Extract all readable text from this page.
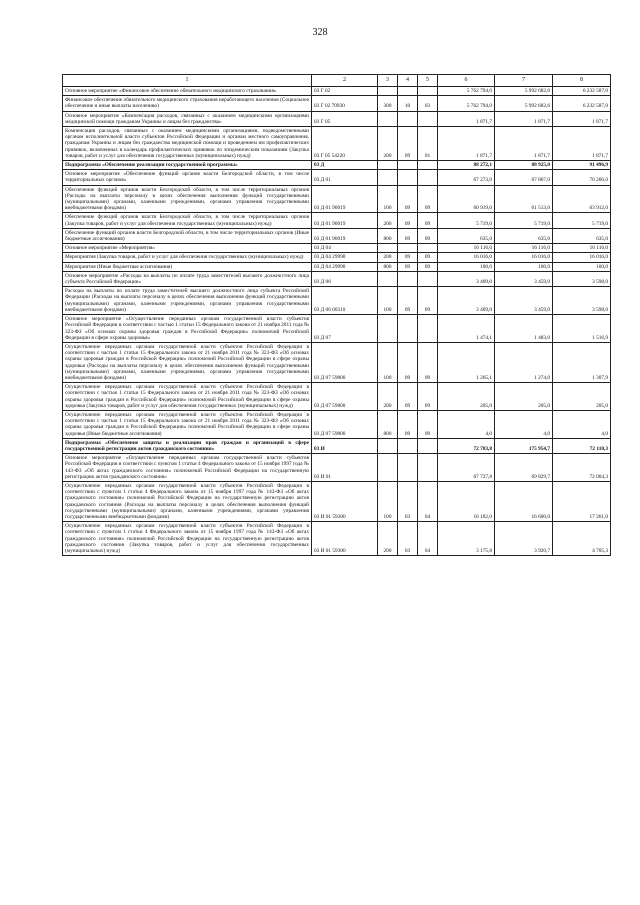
328
1	2	3	4	5	6	7	8
Основное мероприятие «Финансовое обеспечение обязательного медицинского страхования»	03 Г 02				5 762 794,0	5 992 682,6	6 232 587,0
Финансовое обеспечение обязательного медицинского страхования неработающего населения (Социальное обеспечение и иные выплаты населению)	03 Г 02 70930	300	10	03	5 762 794,0	5 992 682,6	6 232 587,0
Основное мероприятие «Компенсация расходов, связанных с оказанием медицинскими организациями медицинской помощи гражданам Украины и лицам без гражданства»	03 Г 05				1 871,7	1 871,7	1 871,7
Компенсация расходов, связанных с оказанием медицинскими организациями, подведомственными органам исполнительной власти субъектов Российской Федерации и органам местного самоуправления, гражданам Украины и лицам без гражданства медицинской помощи и проведением им профилактических прививок, включенных в календарь профилактических прививок по эпидемическим показаниям (Закупка товаров, работ и услуг для обеспечения государственных (муниципальных) нужд)	03 Г 05 54220	200	09	01	1 871,7	1 871,7	1 871,7
Подпрограмма «Обеспечение реализации государственной программы»	03 Д				88 272,1	88 925,0	91 496,9
Основное мероприятие «Обеспечение функций органов власти Белгородской области, в том числе территориальных органов»	03 Д 01				67 273,0	67 867,0	70 266,0
Обеспечение функций органов власти Белгородской области, в том числе территориальных органов (Расходы на выплаты персоналу в целях обеспечения выполнения функций государственными (муниципальными) органами, казенными учреждениями, органами управления государственными внебюджетными фондами)	03 Д 01 90019	100	09	09	60 919,0	61 513,0	63 912,0
Обеспечение функций органов власти Белгородской области, в том числе территориальных органов (Закупка товаров, работ и услуг для обеспечения государственных (муниципальных) нужд)	03 Д 01 90019	200	09	09	5 719,0	5 719,0	5 719,0
Обеспечение функций органов власти Белгородской области, в том числе территориальных органов (Иные бюджетные ассигнования)	03 Д 01 90019	800	09	09	635,0	635,0	635,0
Основное мероприятие «Мероприятия»	03 Д 04				16 116,0	16 116,0	16 116,0
Мероприятия (Закупка товаров, работ и услуг для обеспечения государственных (муниципальных) нужд)	03 Д 04 29990	200	09	09	16 016,0	16 016,0	16 016,0
Мероприятия (Иные бюджетные ассигнования)	03 Д 04 29990	800	09	09	100,0	100,0	100,0
Основное мероприятие «Расходы на выплаты по оплате труда заместителей высшего должностного лица субъекта Российской Федерации»	03 Д 06				3 409,0	3 459,0	3 598,0
Расходы на выплаты по оплате труда заместителей высшего должностного лица субъекта Российской Федерации (Расходы на выплаты персоналу в целях обеспечения выполнения функций государственными (муниципальными) органами, казенными учреждениями, органами управления государственными внебюджетными фондами)	03 Д 06 00310	100	09	09	3 409,0	3 459,0	3 598,0
Основное мероприятие «Осуществление переданных органам государственной власти субъектов Российской Федерации в соответствии с частью 1 статьи 15 Федерального закона от 21 ноября 2011 года № 323-ФЗ «Об основах охраны здоровья граждан в Российской Федерации» полномочий Российской Федерации в сфере охраны здоровья»	03 Д 07				1 474,1	1 483,0	1 516,9
Осуществление переданных органам государственной власти субъектов Российской Федерации в соответствии с частью 1 статьи 15 Федерального закона от 21 ноября 2011 года № 323-ФЗ «Об основах охраны здоровья граждан в Российской Федерации» полномочий Российской Федерации в сфере охраны здоровья (Расходы на выплаты персоналу в целях обеспечения выполнения функций государственными (муниципальными) органами, казенными учреждениями, органами управления государственными внебюджетными фондами)	03 Д 07 59800	100	09	09	1 265,1	1 274,0	1 307,9
Осуществление переданных органам государственной власти субъектов Российской Федерации в соответствии с частью 1 статьи 15 Федерального закона от 21 ноября 2011 года № 323-ФЗ «Об основах охраны здоровья граждан в Российской Федерации» полномочий Российской Федерации в сфере охраны здоровья (Закупка товаров, работ и услуг для обеспечения государственных (муниципальных) нужд)	03 Д 07 59800	200	09	09	205,0	205,0	205,0
Осуществление переданных органам государственной власти субъектов Российской Федерации в соответствии с частью 1 статьи 15 Федерального закона от 21 ноября 2011 года № 323-ФЗ «Об основах охраны здоровья граждан в Российской Федерации» полномочий Российской Федерации в сфере охраны здоровья (Иные бюджетные ассигнования)	03 Д 07 59800	800	09	09	4,0	4,0	4,0
Подпрограмма «Обеспечение защиты и реализации прав граждан и организаций в сфере государственной регистрации актов гражданского состояния»	03 И				72 783,8	175 954,7	72 110,3
Основное мероприятие «Осуществление переданных органам государственной власти субъектов Российской Федерации в соответствии с пунктом 1 статьи 4 Федерального закона от 15 ноября 1997 года № 143-ФЗ «Об актах гражданского состояния» полномочий Российской Федерации на государственную регистрацию актов гражданского состояния»	03 И 01				67 727,8	69 829,7	72 004,3
Осуществление переданных органам государственной власти субъектов Российской Федерации в соответствии с пунктом 1 статьи 4 Федерального закона от 15 ноября 1997 года № 143-ФЗ «Об актах гражданского состояния» полномочий Российской Федерации на государственную регистрацию актов гражданского состояния (Расходы на выплаты персоналу в целях обеспечения выполнения функций государственными (муниципальными) органами, казенными учреждениями, органами управления государственными внебюджетными фондами)	03 И 01 59300	100	03	04	16 182,0	16 600,0	17 261,0
Осуществление переданных органам государственной власти субъектов Российской Федерации в соответствии с пунктом 1 статьи 4 Федерального закона от 15 ноября 1997 года № 143-ФЗ «Об актах гражданского состояния» полномочий Российской Федерации на государственную регистрацию актов гражданского состояния (Закупка товаров, работ и услуг для обеспечения государственных (муниципальных) нужд)	03 И 01 59300	200	03	04	3 175,8	3 920,7	4 705,3
